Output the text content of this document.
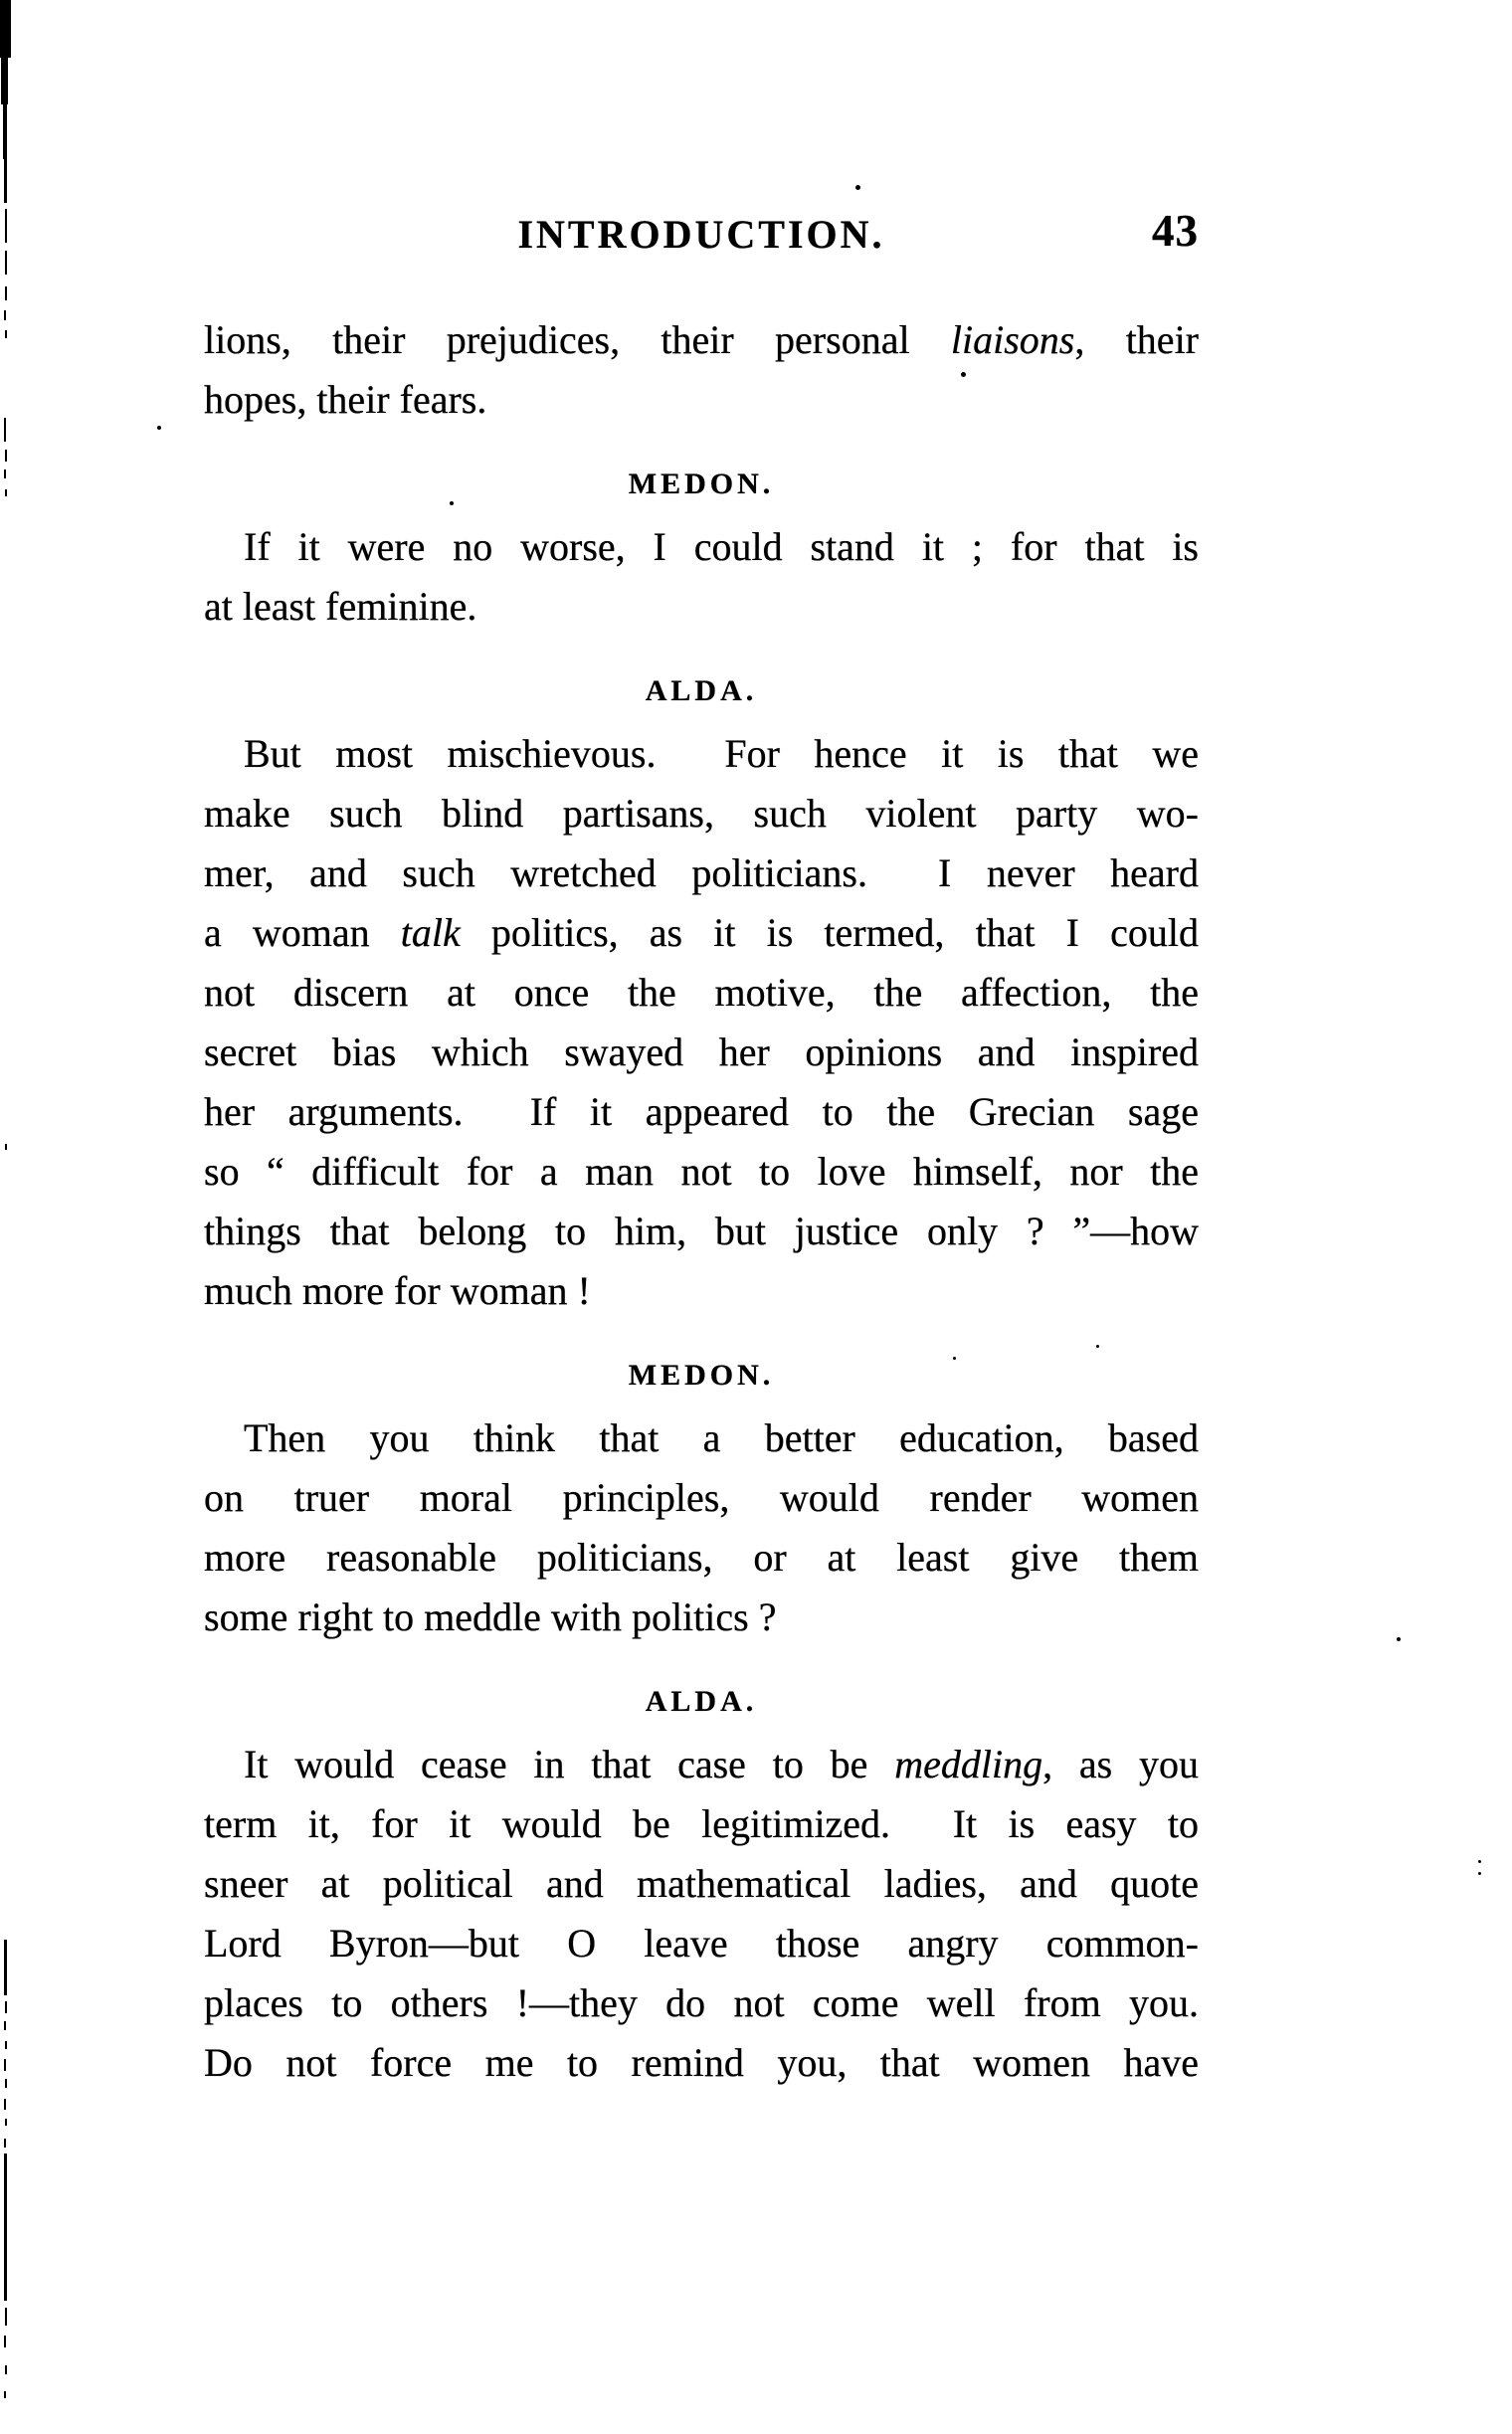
INTRODUCTION.	43
lions, their prejudices, their personal liaisons, their
hopes, their fears.
MEDON.
If it were no worse, I could stand it ; for that is
at least feminine.
ALDA.
But most mischievous.  For hence it is that we
make such blind partisans, such violent party wo-
mer, and such wretched politicians.  I never heard
a woman talk politics, as it is termed, that I could
not discern at once the motive, the affection, the
secret bias which swayed her opinions and inspired
her arguments.  If it appeared to the Grecian sage
so “ difficult for a man not to love himself, nor the
things that belong to him, but justice only ? ”—how
much more for woman !
MEDON.
Then you think that a better education, based
on truer moral principles, would render women
more reasonable politicians, or at least give them
some right to meddle with politics ?
ALDA.
It would cease in that case to be meddling, as you
term it, for it would be legitimized.  It is easy to
sneer at political and mathematical ladies, and quote
Lord Byron—but O leave those angry common-
places to others !—they do not come well from you.
Do not force me to remind you, that women have
